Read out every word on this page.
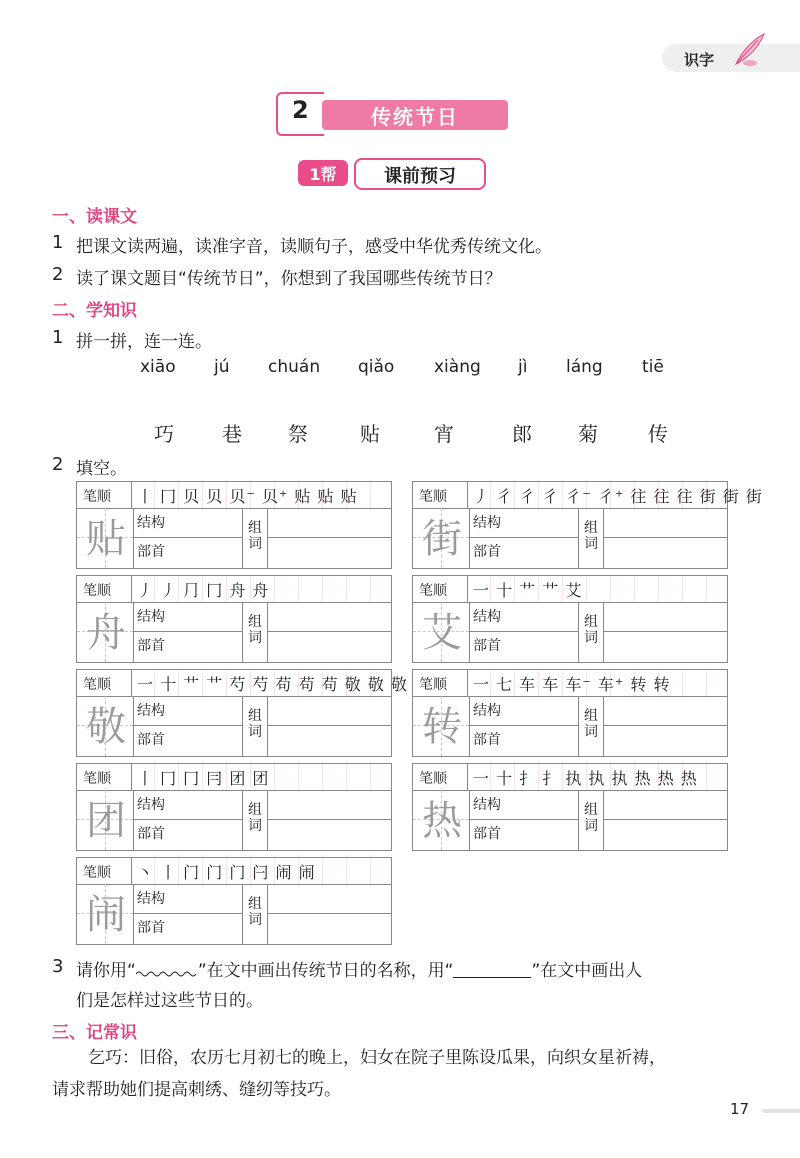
识字
2	传统节日
1帮	课前预习
一、读课文
1 把课文读两遍，读准字音，读顺句子，感受中华优秀传统文化。
2 读了课文题目“传统节日”，你想到了我国哪些传统节日？
二、学知识
1 拼一拼，连一连。
xiāo jú chuán qiǎo xiàng jì láng tiē
巧 巷 祭	贴	宵	郎 菊	传
2 填空。
笔顺 丨 冂 贝 贝 贝⁻ 贝⁺ 贴 贴 贴
贴 结构
部首
组词
笔顺 丿 彳 彳 彳 彳⁻ 彳⁺ 往 往 往 街 街 街
街 结构
部首
组词
笔顺 丿 丿 ⺆ 冂 舟 舟
舟 结构
部首
组词
笔顺 一 十 艹 艹 艾
艾 结构
部首
组词
笔顺 一 十 艹 艹 芍 芍 苟 苟 苟 敬 敬 敬
敬 结构
部首
组词
笔顺 一 七 车 车 车⁻ 车⁺ 转 转
转 结构
部首
组词
笔顺 丨 冂 冂 冃 团 团
团 结构
部首
组词
笔顺 一 十 扌 扌 执 执 执 热 热 热
热 结构
部首
组词
笔顺 丶 丨 门 门 门 闩 闹 闹
闹 结构
部首
组词
3 请你用“	”在文中画出传统节日的名称，用“	”在文中画出人
们是怎样过这些节日的。
三、记常识
乞巧：旧俗，农历七月初七的晚上，妇女在院子里陈设瓜果，向织女星祈祷，
请求帮助她们提高刺绣、缝纫等技巧。
17
